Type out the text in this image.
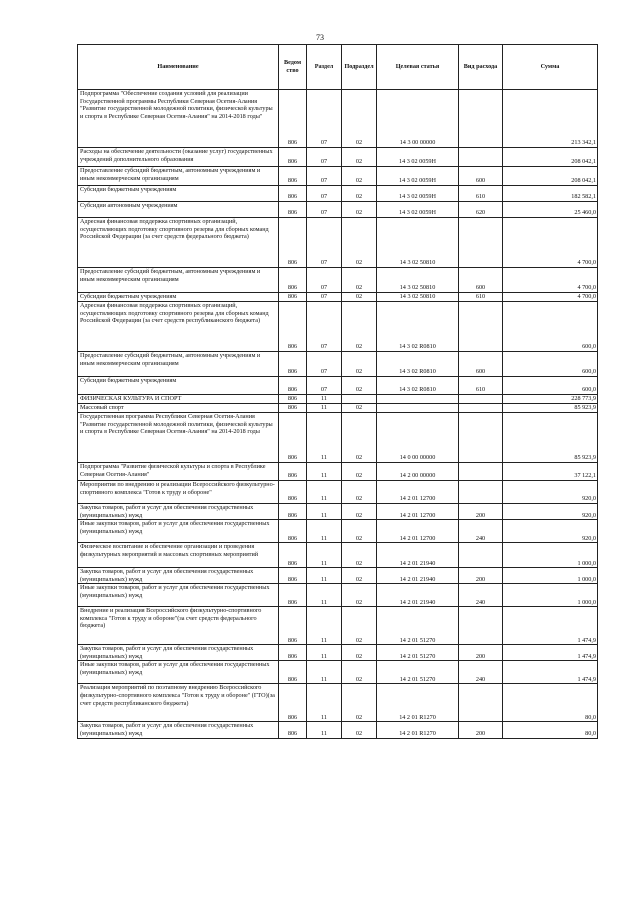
73
Наименование	Ведом ство	Раздел	Подраздел	Целевая статья	Вид расхода	Сумма
Подпрограмма "Обеспечение создания условий для реализации Государственной программы Республики Северная Осетия-Алания "Развитие государственной молодежной политики, физической культуры и спорта в Республике Северная Осетия-Алания" на 2014-2018 годы"	806	07	02	14 3 00 00000		213 342,1
Расходы на обеспечение деятельности (оказание услуг) государственных учреждений дополнительного образования	806	07	02	14 3 02 0059Н		208 042,1
Предоставление субсидий бюджетным, автономным учреждениям и иным некоммерческим организациям	806	07	02	14 3 02 0059Н	600	208 042,1
Субсидии бюджетным учреждениям	806	07	02	14 3 02 0059Н	610	182 582,1
Субсидии автономным учреждениям	806	07	02	14 3 02 0059Н	620	25 460,0
Адресная финансовая поддержка спортивных организаций, осуществляющих подготовку спортивного резерва для сборных команд Российской Федерации (за счет средств федерального бюджета)	806	07	02	14 3 02 50810		4 700,0
Предоставление субсидий бюджетным, автономным учреждениям и иным некоммерческим организациям	806	07	02	14 3 02 50810	600	4 700,0
Субсидии бюджетным учреждениям	806	07	02	14 3 02 50810	610	4 700,0
Адресная финансовая поддержка спортивных организаций, осуществляющих подготовку спортивного резерва для сборных команд Российской Федерации (за счет средств республиканского бюджета)	806	07	02	14 3 02 R0810		600,0
Предоставление субсидий бюджетным, автономным учреждениям и иным некоммерческим организациям	806	07	02	14 3 02 R0810	600	600,0
Субсидии бюджетным учреждениям	806	07	02	14 3 02 R0810	610	600,0
ФИЗИЧЕСКАЯ КУЛЬТУРА И СПОРТ	806	11				228 773,9
Массовый спорт	806	11	02			85 923,9
Государственная программа Республики Северная Осетия-Алания "Развитие государственной молодежной политики, физической культуры и спорта в Республике Северная Осетия-Алания" на 2014-2018 годы	806	11	02	14 0 00 00000		85 923,9
Подпрограмма "Развитие физической культуры и спорта в Республике Северная Осетия-Алания"	806	11	02	14 2 00 00000		37 122,1
Мероприятия по внедрению и реализации Всероссийского физкультурно-спортивного комплекса "Готов к труду и обороне"	806	11	02	14 2 01 12700		920,0
Закупка товаров, работ и услуг для обеспечения государственных (муниципальных) нужд	806	11	02	14 2 01 12700	200	920,0
Иные закупки товаров, работ и услуг для обеспечения государственных (муниципальных) нужд	806	11	02	14 2 01 12700	240	920,0
Физическое воспитание и обеспечение организации и проведения физкультурных мероприятий и массовых спортивных мероприятий	806	11	02	14 2 01 21940		1 000,0
Закупка товаров, работ и услуг для обеспечения государственных (муниципальных) нужд	806	11	02	14 2 01 21940	200	1 000,0
Иные закупки товаров, работ и услуг для обеспечения государственных (муниципальных) нужд	806	11	02	14 2 01 21940	240	1 000,0
Внедрение и реализация Всероссийского физкультурно-спортивного комплекса "Готов к труду и обороне"(за счет средств федерального бюджета)	806	11	02	14 2 01 51270		1 474,9
Закупка товаров, работ и услуг для обеспечения государственных (муниципальных) нужд	806	11	02	14 2 01 51270	200	1 474,9
Иные закупки товаров, работ и услуг для обеспечения государственных (муниципальных) нужд	806	11	02	14 2 01 51270	240	1 474,9
Реализация мероприятий по поэтапному внедрению Всероссийского физкультурно-спортивного комплекса "Готов к труду и обороне" (ГТО)(за счет средств республиканского бюджета)	806	11	02	14 2 01 R1270		80,0
Закупка товаров, работ и услуг для обеспечения государственных (муниципальных) нужд	806	11	02	14 2 01 R1270	200	80,0
